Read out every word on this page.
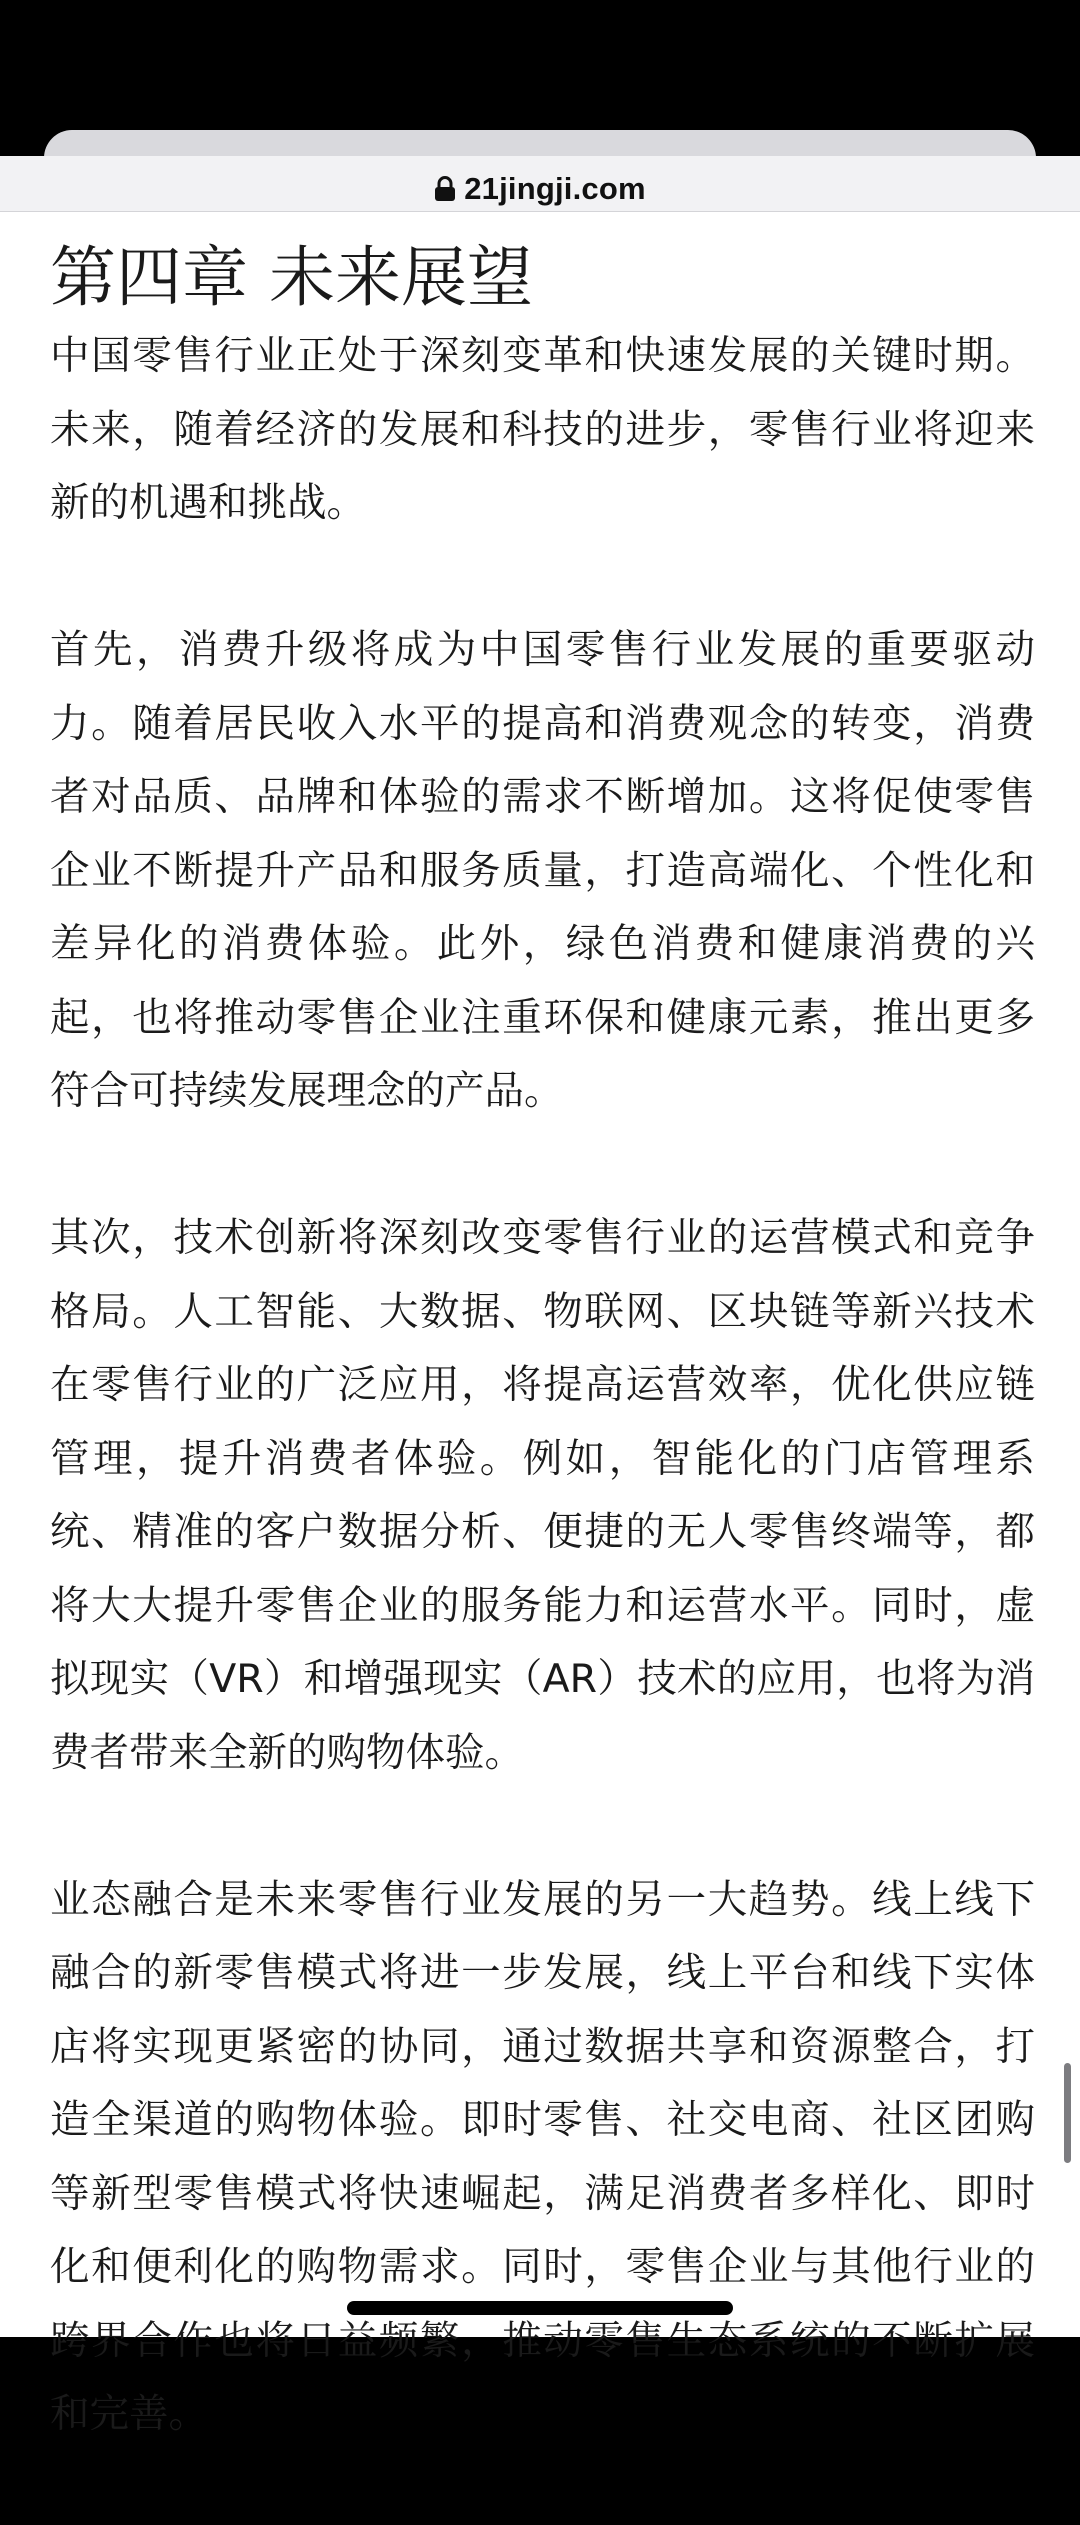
21jingji.com
第四章 未来展望

中国零售行业正处于深刻变革和快速发展的关键时期。未来，随着经济的发展和科技的进步，零售行业将迎来新的机遇和挑战。

首先，消费升级将成为中国零售行业发展的重要驱动力。随着居民收入水平的提高和消费观念的转变，消费者对品质、品牌和体验的需求不断增加。这将促使零售企业不断提升产品和服务质量，打造高端化、个性化和差异化的消费体验。此外，绿色消费和健康消费的兴起，也将推动零售企业注重环保和健康元素，推出更多符合可持续发展理念的产品。

其次，技术创新将深刻改变零售行业的运营模式和竞争格局。人工智能、大数据、物联网、区块链等新兴技术在零售行业的广泛应用，将提高运营效率，优化供应链管理，提升消费者体验。例如，智能化的门店管理系统、精准的客户数据分析、便捷的无人零售终端等，都将大大提升零售企业的服务能力和运营水平。同时，虚拟现实（VR）和增强现实（AR）技术的应用，也将为消费者带来全新的购物体验。

业态融合是未来零售行业发展的另一大趋势。线上线下融合的新零售模式将进一步发展，线上平台和线下实体店将实现更紧密的协同，通过数据共享和资源整合，打造全渠道的购物体验。即时零售、社交电商、社区团购等新型零售模式将快速崛起，满足消费者多样化、即时化和便利化的购物需求。同时，零售企业与其他行业的跨界合作也将日益频繁，推动零售生态系统的不断扩展和完善。
